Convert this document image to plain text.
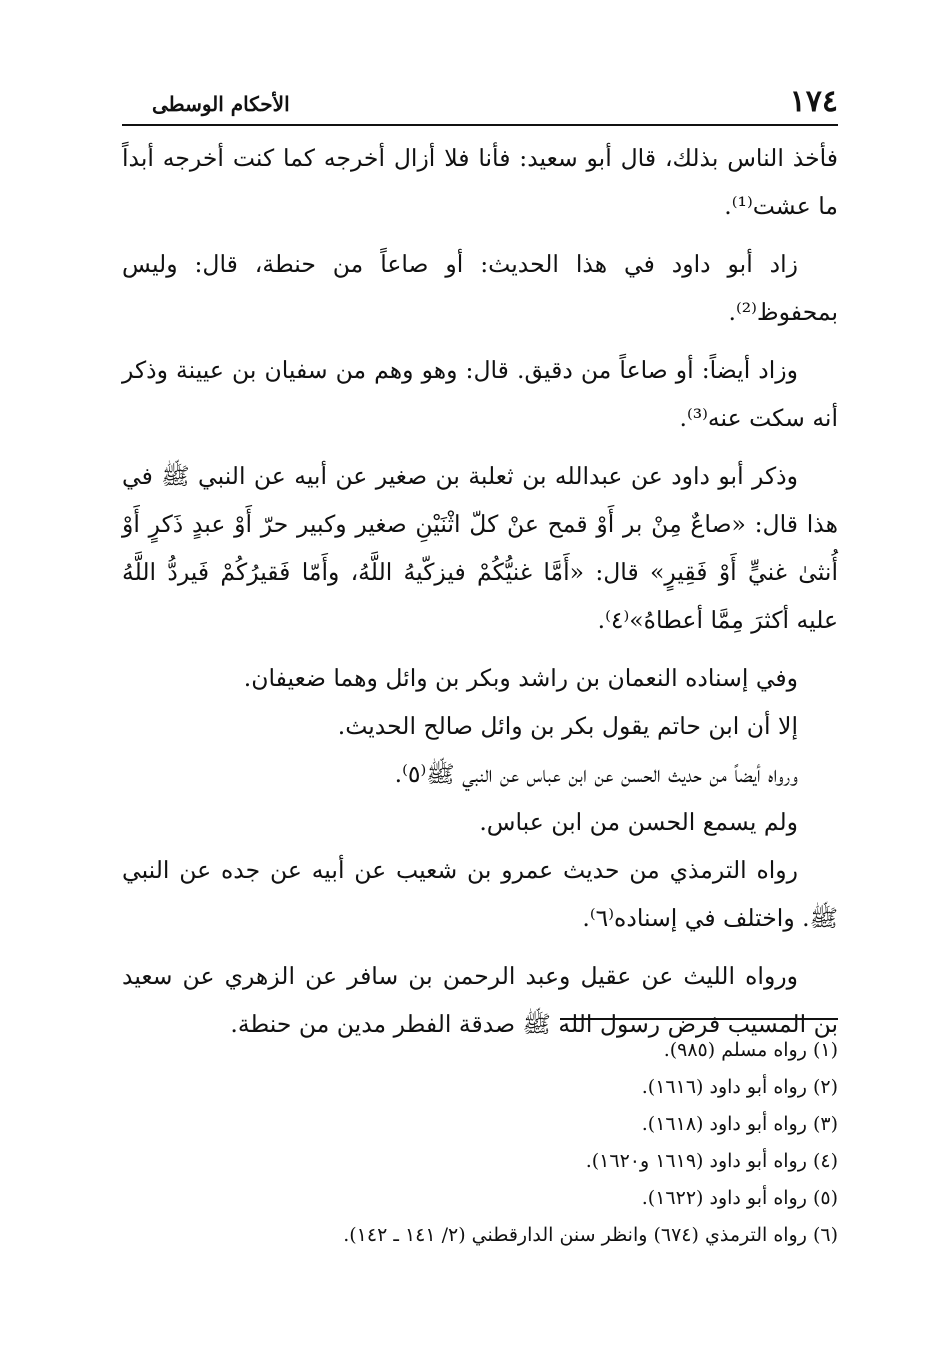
١٧٤
الأحكام الوسطى

فأخذ الناس بذلك، قال أبو سعيد: فأنا فلا أزال أخرجه كما كنت أخرجه أبداً ما عشت⁽¹⁾.

زاد أبو داود في هذا الحديث: أو صاعاً من حنطة، قال: وليس بمحفوظ⁽²⁾.

وزاد أيضاً: أو صاعاً من دقيق. قال: وهو وهم من سفيان بن عيينة وذكر أنه سكت عنه⁽³⁾.

وذكر أبو داود عن عبدالله بن ثعلبة بن صغير عن أبيه عن النبي ﷺ في هذا قال: «صاعٌ مِنْ بر أَوْ قمح عنْ كلّ اثْنَيْنِ صغير وكبير حرّ أَوْ عبدٍ ذَكرٍ أَوْ أُنثىٰ غنيٍّ أَوْ فَقِيرٍ» قال: «أَمَّا غنيُّكُمْ فيزكّيهُ اللَّهُ، وأَمّا فَقيرُكُمْ فَيردُّ اللَّهُ عليه أكثرَ مِمَّا أعطاهُ»⁽٤⁾.

وفي إسناده النعمان بن راشد وبكر بن وائل وهما ضعيفان.

إلا أن ابن حاتم يقول بكر بن وائل صالح الحديث.

ورواه أيضاً من حديث الحسن عن ابن عباس عن النبي ﷺ⁽٥⁾.

ولم يسمع الحسن من ابن عباس.

رواه الترمذي من حديث عمرو بن شعيب عن أبيه عن جده عن النبي ﷺ. واختلف في إسناده⁽٦⁾.

ورواه الليث عن عقيل وعبد الرحمن بن سافر عن الزهري عن سعيد بن المسيب فرض رسول الله ﷺ صدقة الفطر مدين من حنطة.

(١) رواه مسلم (٩٨٥).

(٢) رواه أبو داود (١٦١٦).

(٣) رواه أبو داود (١٦١٨).

(٤) رواه أبو داود (١٦١٩ و١٦٢٠).

(٥) رواه أبو داود (١٦٢٢).

(٦) رواه الترمذي (٦٧٤) وانظر سنن الدارقطني (٢/ ١٤١ ـ ١٤٢).
